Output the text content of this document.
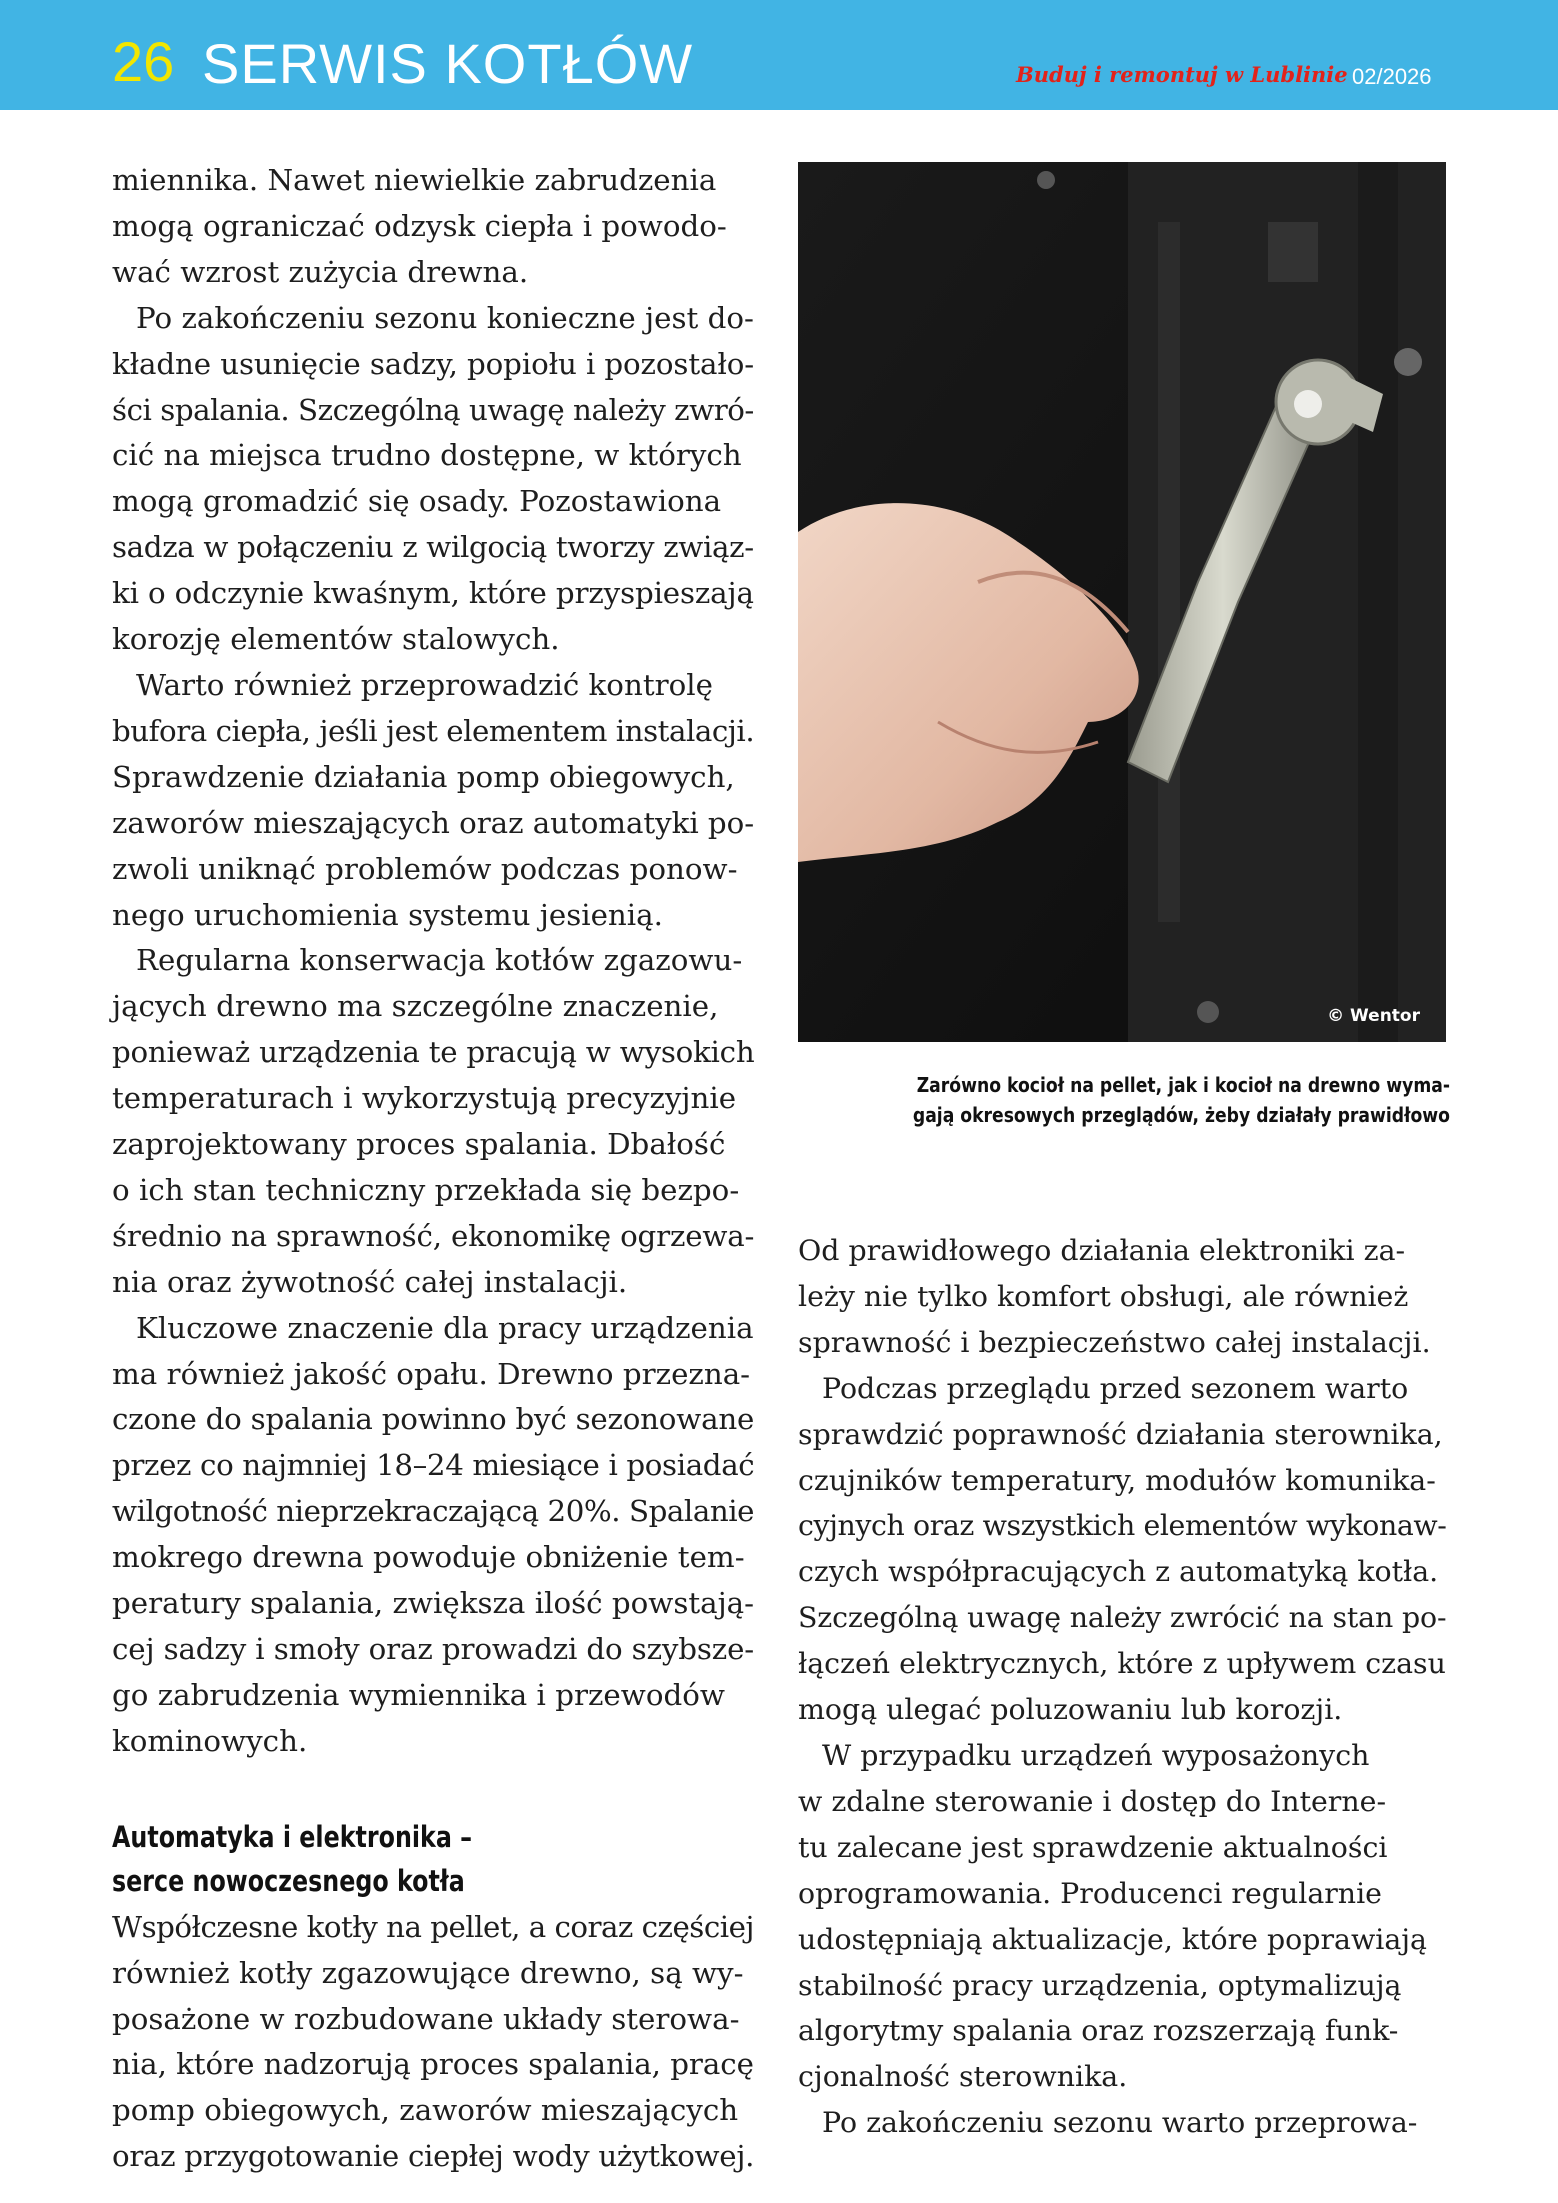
26 SERWIS KOTŁÓW	Buduj i remontuj w Lublinie 02/2026

miennika. Nawet niewielkie zabrudzenia
mogą ograniczać odzysk ciepła i powodo-
wać wzrost zużycia drewna.

Po zakończeniu sezonu konieczne jest do-
kładne usunięcie sadzy, popiołu i pozostało-
ści spalania. Szczególną uwagę należy zwró-
cić na miejsca trudno dostępne, w których
mogą gromadzić się osady. Pozostawiona
sadza w połączeniu z wilgocią tworzy związ-
ki o odczynie kwaśnym, które przyspieszają
korozję elementów stalowych.

Warto również przeprowadzić kontrolę
bufora ciepła, jeśli jest elementem instalacji.
Sprawdzenie działania pomp obiegowych,
zaworów mieszających oraz automatyki po-
zwoli uniknąć problemów podczas ponow-
nego uruchomienia systemu jesienią.

Regularna konserwacja kotłów zgazowu-
jących drewno ma szczególne znaczenie,
ponieważ urządzenia te pracują w wysokich
temperaturach i wykorzystują precyzyjnie
zaprojektowany proces spalania. Dbałość
o ich stan techniczny przekłada się bezpo-
średnio na sprawność, ekonomikę ogrzewa-
nia oraz żywotność całej instalacji.

Kluczowe znaczenie dla pracy urządzenia
ma również jakość opału. Drewno przezna-
czone do spalania powinno być sezonowane
przez co najmniej 18–24 miesiące i posiadać
wilgotność nieprzekraczającą 20%. Spalanie
mokrego drewna powoduje obniżenie tem-
peratury spalania, zwiększa ilość powstają-
cej sadzy i smoły oraz prowadzi do szybsze-
go zabrudzenia wymiennika i przewodów
kominowych.

Automatyka i elektronika –
serce nowoczesnego kotła

Współczesne kotły na pellet, a coraz częściej
również kotły zgazowujące drewno, są wy-
posażone w rozbudowane układy sterowa-
nia, które nadzorują proces spalania, pracę
pomp obiegowych, zaworów mieszających
oraz przygotowanie ciepłej wody użytkowej.

© Wentor
Zarówno kocioł na pellet, jak i kocioł na drewno wyma-
gają okresowych przeglądów, żeby działały prawidłowo

Od prawidłowego działania elektroniki za-
leży nie tylko komfort obsługi, ale również
sprawność i bezpieczeństwo całej instalacji.

Podczas przeglądu przed sezonem warto
sprawdzić poprawność działania sterownika,
czujników temperatury, modułów komunika-
cyjnych oraz wszystkich elementów wykonaw-
czych współpracujących z automatyką kotła.
Szczególną uwagę należy zwrócić na stan po-
łączeń elektrycznych, które z upływem czasu
mogą ulegać poluzowaniu lub korozji.

W przypadku urządzeń wyposażonych
w zdalne sterowanie i dostęp do Interne-
tu zalecane jest sprawdzenie aktualności
oprogramowania. Producenci regularnie
udostępniają aktualizacje, które poprawiają
stabilność pracy urządzenia, optymalizują
algorytmy spalania oraz rozszerzają funk-
cjonalność sterownika.

Po zakończeniu sezonu warto przeprowa-
